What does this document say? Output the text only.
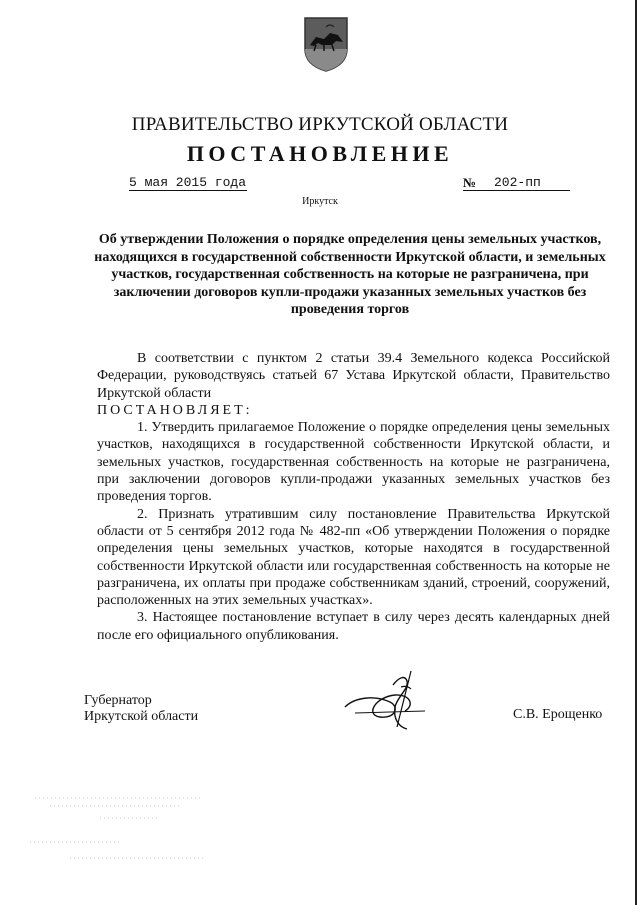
ПРАВИТЕЛЬСТВО ИРКУТСКОЙ ОБЛАСТИ
ПОСТАНОВЛЕНИЕ
5 мая 2015 года	№ 202-пп
Иркутск
Об утверждении Положения о порядке определения цены земельных участков, находящихся в государственной собственности Иркутской области, и земельных участков, государственная собственность на которые не разграничена, при заключении договоров купли-продажи указанных земельных участков без проведения торгов

В соответствии с пунктом 2 статьи 39.4 Земельного кодекса Российской Федерации, руководствуясь статьей 67 Устава Иркутской области, Правительство Иркутской области

ПОСТАНОВЛЯЕТ:

1. Утвердить прилагаемое Положение о порядке определения цены земельных участков, находящихся в государственной собственности Иркутской области, и земельных участков, государственная собственность на которые не разграничена, при заключении договоров купли-продажи указанных земельных участков без проведения торгов.

2. Признать утратившим силу постановление Правительства Иркутской области от 5 сентября 2012 года № 482-пп «Об утверждении Положения о порядке определения цены земельных участков, которые находятся в государственной собственности Иркутской области или государственная собственность на которые не разграничена, их оплаты при продаже собственникам зданий, строений, сооружений, расположенных на этих земельных участках».

3. Настоящее постановление вступает в силу через десять календарных дней после его официального опубликования.

Губернатор
Иркутской области	С.В. Ерощенко
